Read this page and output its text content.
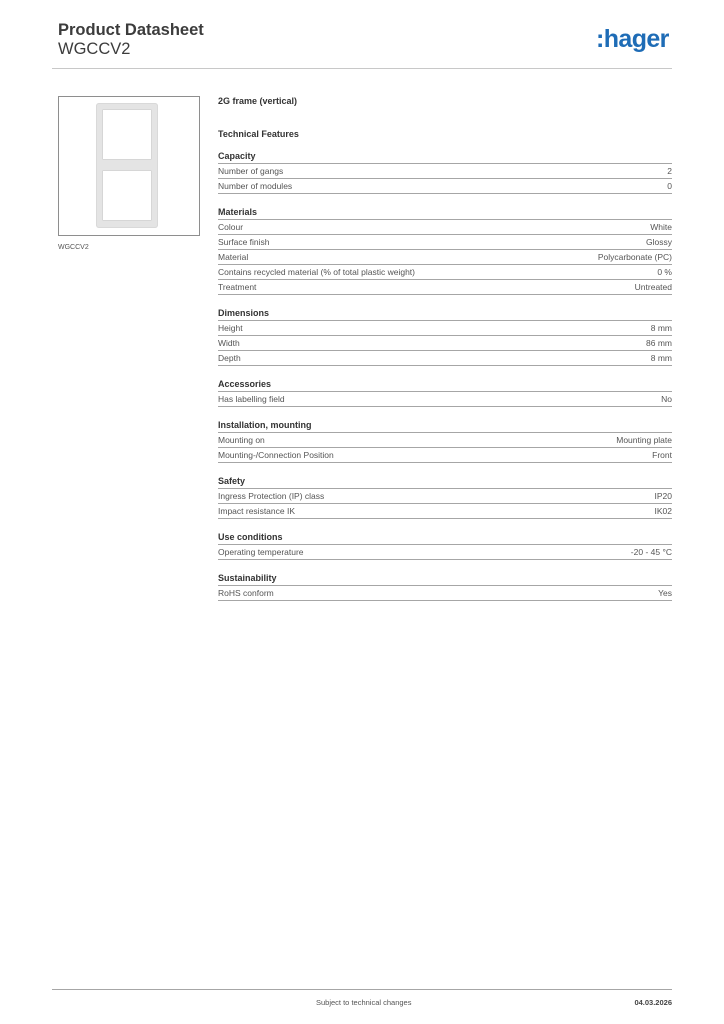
Product Datasheet
WGCCV2	:hager
WGCCV2
2G frame (vertical)
Technical Features
Capacity
Number of gangs	2
Number of modules	0
Materials
Colour	White
Surface finish	Glossy
Material	Polycarbonate (PC)
Contains recycled material (% of total plastic weight)	0 %
Treatment	Untreated
Dimensions
Height	8 mm
Width	86 mm
Depth	8 mm
Accessories
Has labelling field	No
Installation, mounting
Mounting on	Mounting plate
Mounting-/Connection Position	Front
Safety
Ingress Protection (IP) class	IP20
Impact resistance IK	IK02
Use conditions
Operating temperature	-20 - 45 °C
Sustainability
RoHS conform	Yes
Subject to technical changes	04.03.2026
